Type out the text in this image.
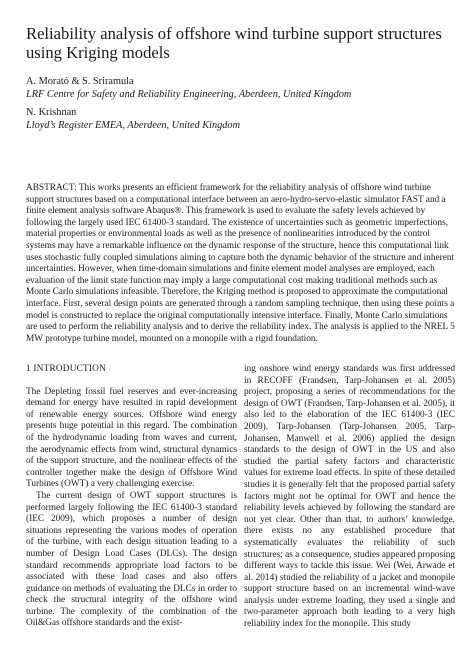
Reliability analysis of offshore wind turbine support structures using Kriging models

A. Morató & S. Sriramula

LRF Centre for Safety and Reliability Engineering, Aberdeen, United Kingdom

N. Krishnan

Lloyd’s Register EMEA, Aberdeen, United Kingdom

ABSTRACT: This works presents an efficient framework for the reliability analysis of offshore wind turbine support structures based on a computational interface between an aero-hydro-servo-elastic simulator FAST and a finite element analysis software Abaqus®. This framework is used to evaluate the safety levels achieved by following the largely used IEC 61400-3 standard. The existence of uncertainties such as geometric imperfections, material properties or environmental loads as well as the presence of nonlinearities introduced by the control systems may have a remarkable influence on the dynamic response of the structure, hence this computational link uses stochastic fully coupled simulations aiming to capture both the dynamic behavior of the structure and inherent uncertainties. However, when time-domain simulations and finite element model analyses are employed, each evaluation of the limit state function may imply a large computational cost making traditional methods such as Monte Carlo simulations infeasible. Therefore, the Kriging method is proposed to approximate the computational interface. First, several design points are generated through a random sampling technique, then using these points a model is constructed to replace the original computationally intensive interface. Finally, Monte Carlo simulations are used to perform the reliability analysis and to derive the reliability index. The analysis is applied to the NREL 5 MW prototype turbine model, mounted on a monopile with a rigid foundation.

1 INTRODUCTION

The Depleting fossil fuel reserves and ever-increasing demand for energy have resulted in rapid development of renewable energy sources. Offshore wind energy presents huge potential in this regard. The combination of the hydrodynamic loading from waves and current, the aerodynamic effects from wind, structural dynamics of the support structure, and the nonlinear effects of the controller together make the design of Offshore Wind Turbines (OWT) a very challenging exercise.

The current design of OWT support structures is performed largely following the IEC 61400-3 standard (IEC 2009), which proposes a number of design situations representing the various modes of operation of the turbine, with each design situation leading to a number of Design Load Cases (DLCs). The design standard recommends appropriate load factors to be associated with these load cases and also offers guidance on methods of evaluating the DLCs in order to check the structural integrity of the offshore wind turbine. The complexity of the combination of the Oil&Gas offshore standards and the exist-

ing onshore wind energy standards was first addressed in RECOFF (Frandsen, Tarp-Johansen et al. 2005) project, proposing a series of recommendations for the design of OWT (Frandsen, Tarp-Johansen et al. 2005), it also led to the elaboration of the IEC 61400-3 (IEC 2009). Tarp-Johansen (Tarp-Johansen 2005, Tarp-Johansen, Manwell et al. 2006) applied the design standards to the design of OWT in the US and also studied the partial safety factors and characteristic values for extreme load effects. In spite of these detailed studies it is generally felt that the proposed partial safety factors might not be optimal for OWT and hence the reliability levels achieved by following the standard are not yet clear. Other than that, to authors’ knowledge, there exists no any established procedure that systematically evaluates the reliability of such structures; as a consequence, studies appeared proposing different ways to tackle this issue. Wei (Wei, Arwade et al. 2014) studied the reliability of a jacket and monopile support structure based on an incremental wind-wave analysis under extreme loading, they used a single and two-parameter approach both leading to a very high reliability index for the monopile. This study
